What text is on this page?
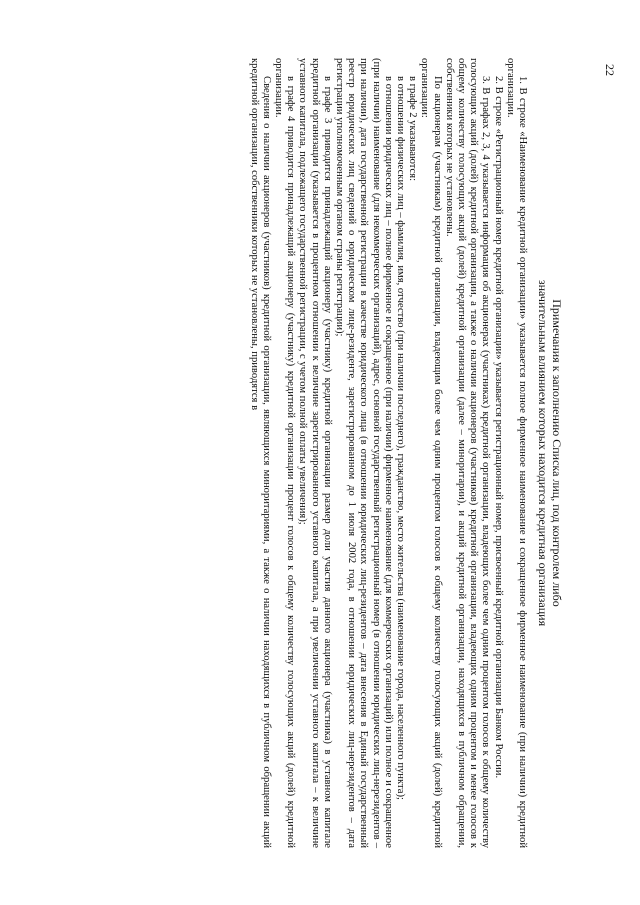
22
Примечания к заполнению Списка лиц, под контролем либо
значительным влиянием которых находится кредитная организация

1. В строке «Наименование кредитной организации» указывается полное фирменное наименование и сокращенное фирменное наименование (при наличии) кредитной организации.

2. В строке «Регистрационный номер кредитной организации» указывается регистрационный номер, присвоенный кредитной организации Банком России.

3. В графах 2, 3, 4 указывается информация об акционерах (участниках) кредитной организации, владеющих более чем одним процентом голосов к общему количеству голосующих акций (долей) кредитной организации, а также о наличии акционеров (участников) кредитной организации, владеющих одним процентом и менее голосов к общему количеству голосующих акций (долей) кредитной организации (далее – миноритарии), и акций кредитной организации, находящихся в публичном обращении, собственники которых не установлены.

По акционерам (участникам) кредитной организации, владеющим более чем одним процентом голосов к общему количеству голосующих акций (долей) кредитной организации:

в графе 2 указываются:

в отношении физических лиц – фамилия, имя, отчество (при наличии последнего), гражданство, место жительства (наименование города, населенного пункта);

в отношении юридических лиц – полное фирменное и сокращенное (при наличии) фирменное наименование (для коммерческих организаций) или полное и сокращенное (при наличии) наименование (для некоммерческих организаций), адрес, основной государственный регистрационный номер (в отношении юридических лиц-нерезидентов – при наличии), дата государственной регистрации в качестве юридического лица (в отношении юридических лиц-резидентов – дата внесения в Единый государственный реестр юридических лиц сведений о юридическом лице-резиденте, зарегистрированном до 1 июля 2002 года, в отношении юридических лиц-нерезидентов – дата регистрации уполномоченным органом страны регистрации);

в графе 3 приводится принадлежащий акционеру (участнику) кредитной организации размер доли участия данного акционера (участника) в уставном капитале кредитной организации (указывается в процентном отношении к величине зарегистрированного уставного капитала, а при увеличении уставного капитала – к величине уставного капитала, подлежащего государственной регистрации, с учетом полной оплаты увеличения);

в графе 4 приводится принадлежащий акционеру (участнику) кредитной организации процент голосов к общему количеству голосующих акций (долей) кредитной организации.

Сведения о наличии акционеров (участников) кредитной организации, являющихся миноритариями, а также о наличии находящихся в публичном обращении акций кредитной организации, собственники которых не установлены, приводятся в
